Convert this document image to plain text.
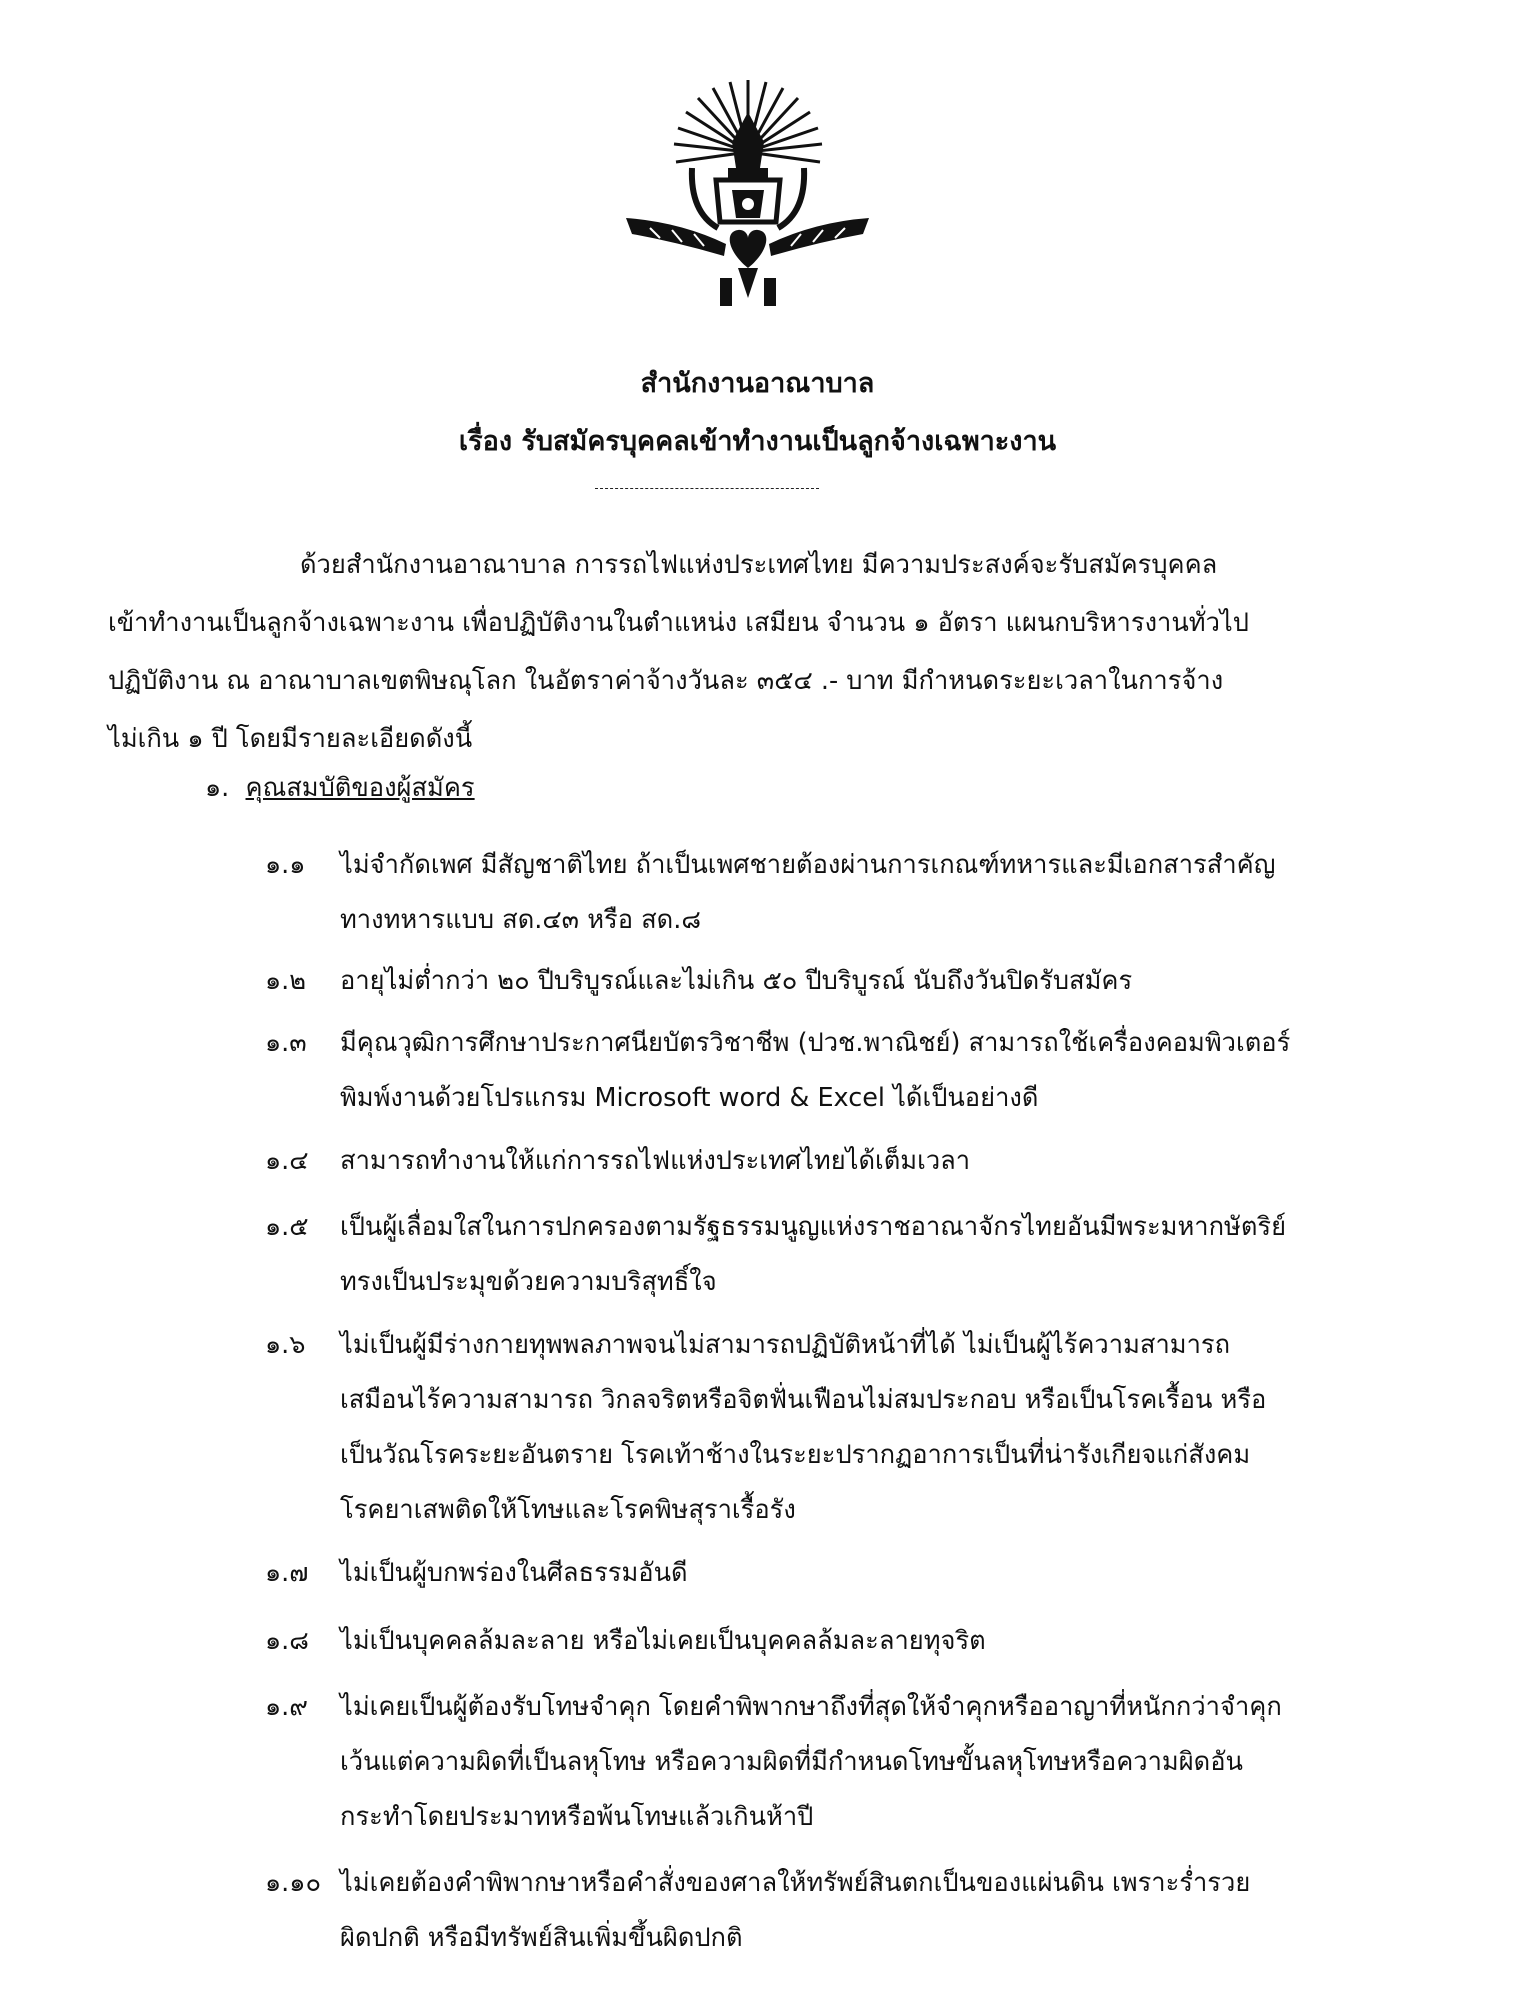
สำนักงานอาณาบาล
เรื่อง รับสมัครบุคคลเข้าทำงานเป็นลูกจ้างเฉพาะงาน
ด้วยสำนักงานอาณาบาล การรถไฟแห่งประเทศไทย มีความประสงค์จะรับสมัครบุคคล
เข้าทำงานเป็นลูกจ้างเฉพาะงาน เพื่อปฏิบัติงานในตำแหน่ง เสมียน จำนวน ๑ อัตรา แผนกบริหารงานทั่วไป
ปฏิบัติงาน ณ อาณาบาลเขตพิษณุโลก ในอัตราค่าจ้างวันละ ๓๕๔ .- บาท มีกำหนดระยะเวลาในการจ้าง
ไม่เกิน ๑ ปี โดยมีรายละเอียดดังนี้
๑. คุณสมบัติของผู้สมัคร
๑.๑	ไม่จำกัดเพศ มีสัญชาติไทย ถ้าเป็นเพศชายต้องผ่านการเกณฑ์ทหารและมีเอกสารสำคัญ
ทางทหารแบบ สด.๔๓ หรือ สด.๘
๑.๒	อายุไม่ต่ำกว่า ๒๐ ปีบริบูรณ์และไม่เกิน ๕๐ ปีบริบูรณ์ นับถึงวันปิดรับสมัคร
๑.๓	มีคุณวุฒิการศึกษาประกาศนียบัตรวิชาชีพ (ปวช.พาณิชย์) สามารถใช้เครื่องคอมพิวเตอร์
พิมพ์งานด้วยโปรแกรม Microsoft word & Excel ได้เป็นอย่างดี
๑.๔	สามารถทำงานให้แก่การรถไฟแห่งประเทศไทยได้เต็มเวลา
๑.๕	เป็นผู้เลื่อมใสในการปกครองตามรัฐธรรมนูญแห่งราชอาณาจักรไทยอันมีพระมหากษัตริย์
ทรงเป็นประมุขด้วยความบริสุทธิ์ใจ
๑.๖	ไม่เป็นผู้มีร่างกายทุพพลภาพจนไม่สามารถปฏิบัติหน้าที่ได้ ไม่เป็นผู้ไร้ความสามารถ
เสมือนไร้ความสามารถ วิกลจริตหรือจิตฟั่นเฟือนไม่สมประกอบ หรือเป็นโรคเรื้อน หรือ
เป็นวัณโรคระยะอันตราย โรคเท้าช้างในระยะปรากฏอาการเป็นที่น่ารังเกียจแก่สังคม
โรคยาเสพติดให้โทษและโรคพิษสุราเรื้อรัง
๑.๗	ไม่เป็นผู้บกพร่องในศีลธรรมอันดี
๑.๘	ไม่เป็นบุคคลล้มละลาย หรือไม่เคยเป็นบุคคลล้มละลายทุจริต
๑.๙	ไม่เคยเป็นผู้ต้องรับโทษจำคุก โดยคำพิพากษาถึงที่สุดให้จำคุกหรืออาญาที่หนักกว่าจำคุก
เว้นแต่ความผิดที่เป็นลหุโทษ หรือความผิดที่มีกำหนดโทษขั้นลหุโทษหรือความผิดอัน
กระทำโดยประมาทหรือพ้นโทษแล้วเกินห้าปี
๑.๑๐ ไม่เคยต้องคำพิพากษาหรือคำสั่งของศาลให้ทรัพย์สินตกเป็นของแผ่นดิน เพราะร่ำรวย
ผิดปกติ หรือมีทรัพย์สินเพิ่มขึ้นผิดปกติ
